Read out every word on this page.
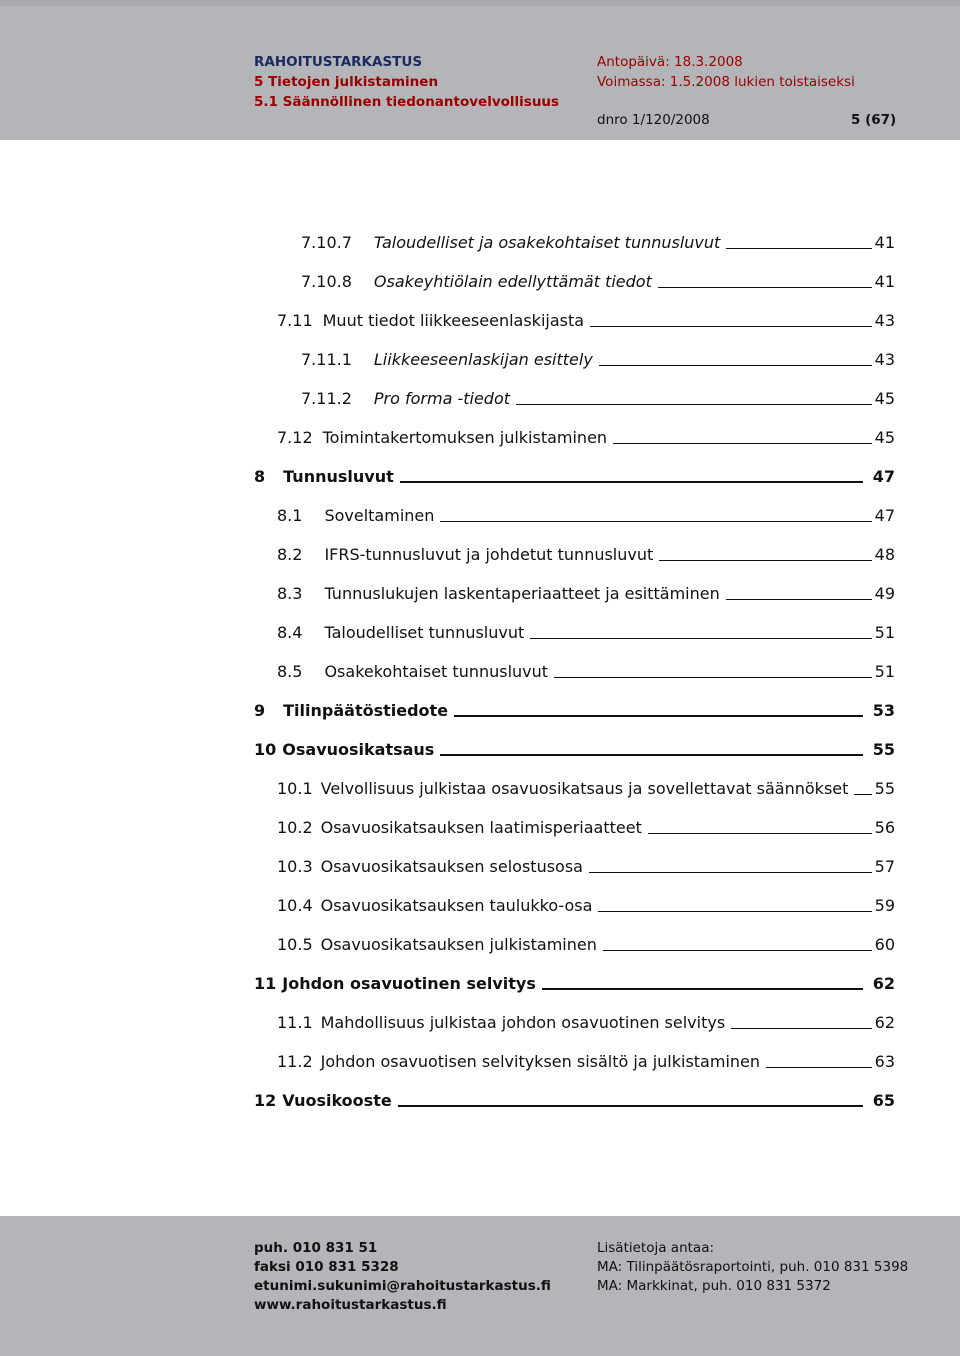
RAHOITUSTARKASTUS
5 Tietojen julkistaminen
5.1 Säännöllinen tiedonantovelvollisuus
Antopäivä: 18.3.2008
Voimassa: 1.5.2008 lukien toistaiseksi
dnro 1/120/2008	5 (67)
7.10.7 Taloudelliset ja osakekohtaiset tunnusluvut	41
7.10.8 Osakeyhtiölain edellyttämät tiedot	41
7.11 Muut tiedot liikkeeseenlaskijasta	43
7.11.1 Liikkeeseenlaskijan esittely	43
7.11.2 Pro forma -tiedot	45
7.12 Toimintakertomuksen julkistaminen	45
8 Tunnusluvut	47
8.1 Soveltaminen	47
8.2 IFRS-tunnusluvut ja johdetut tunnusluvut	48
8.3 Tunnuslukujen laskentaperiaatteet ja esittäminen	49
8.4 Taloudelliset tunnusluvut	51
8.5 Osakekohtaiset tunnusluvut	51
9 Tilinpäätöstiedote	53
10 Osavuosikatsaus	55
10.1 Velvollisuus julkistaa osavuosikatsaus ja sovellettavat säännökset 55
10.2 Osavuosikatsauksen laatimisperiaatteet	56
10.3 Osavuosikatsauksen selostusosa	57
10.4 Osavuosikatsauksen taulukko-osa	59
10.5 Osavuosikatsauksen julkistaminen	60
11 Johdon osavuotinen selvitys	62
11.1 Mahdollisuus julkistaa johdon osavuotinen selvitys	62
11.2 Johdon osavuotisen selvityksen sisältö ja julkistaminen	63
12 Vuosikooste	65
puh. 010 831 51
faksi 010 831 5328
etunimi.sukunimi@rahoitustarkastus.fi
www.rahoitustarkastus.fi
Lisätietoja antaa:
MA: Tilinpäätösraportointi, puh. 010 831 5398
MA: Markkinat, puh. 010 831 5372
